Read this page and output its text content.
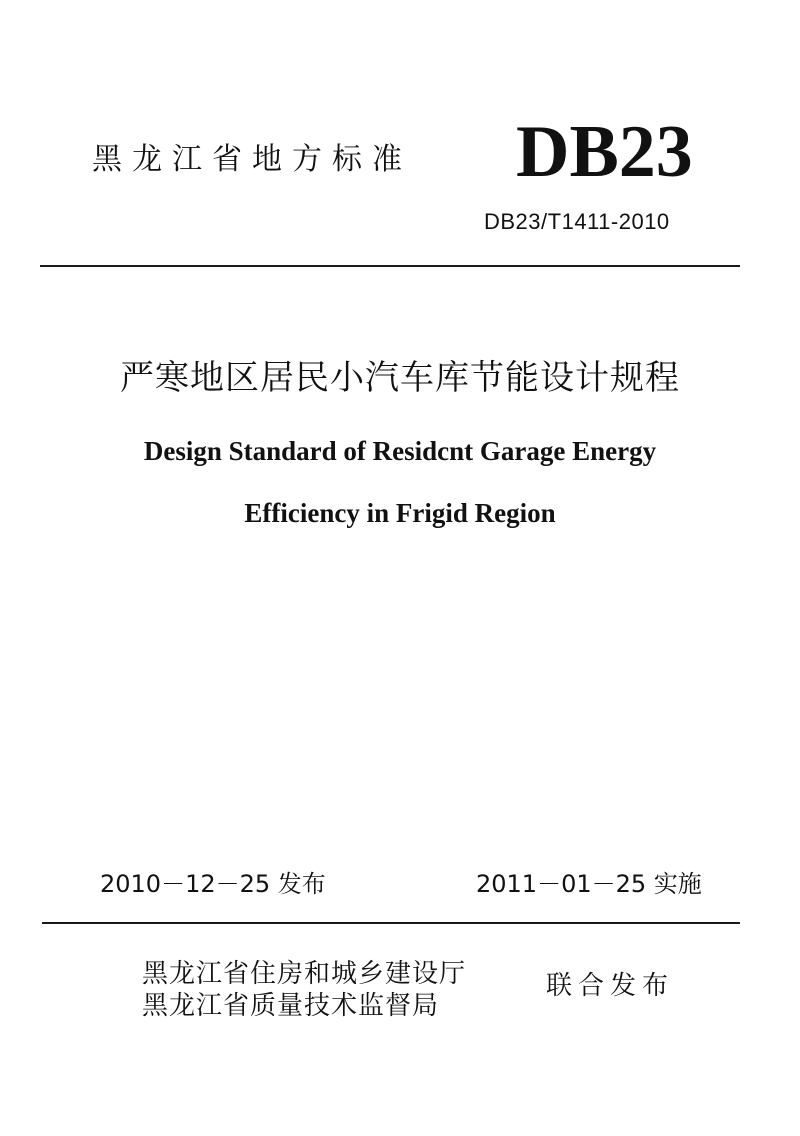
黑龙江省地方标准 DB23
DB23/T1411-2010
严寒地区居民小汽车库节能设计规程
Design Standard of Residcnt Garage Energy
Efficiency in Frigid Region
2010－12－25 发布	2011－01－25 实施
黑龙江省住房和城乡建设厅
黑龙江省质量技术监督局
联合发布
